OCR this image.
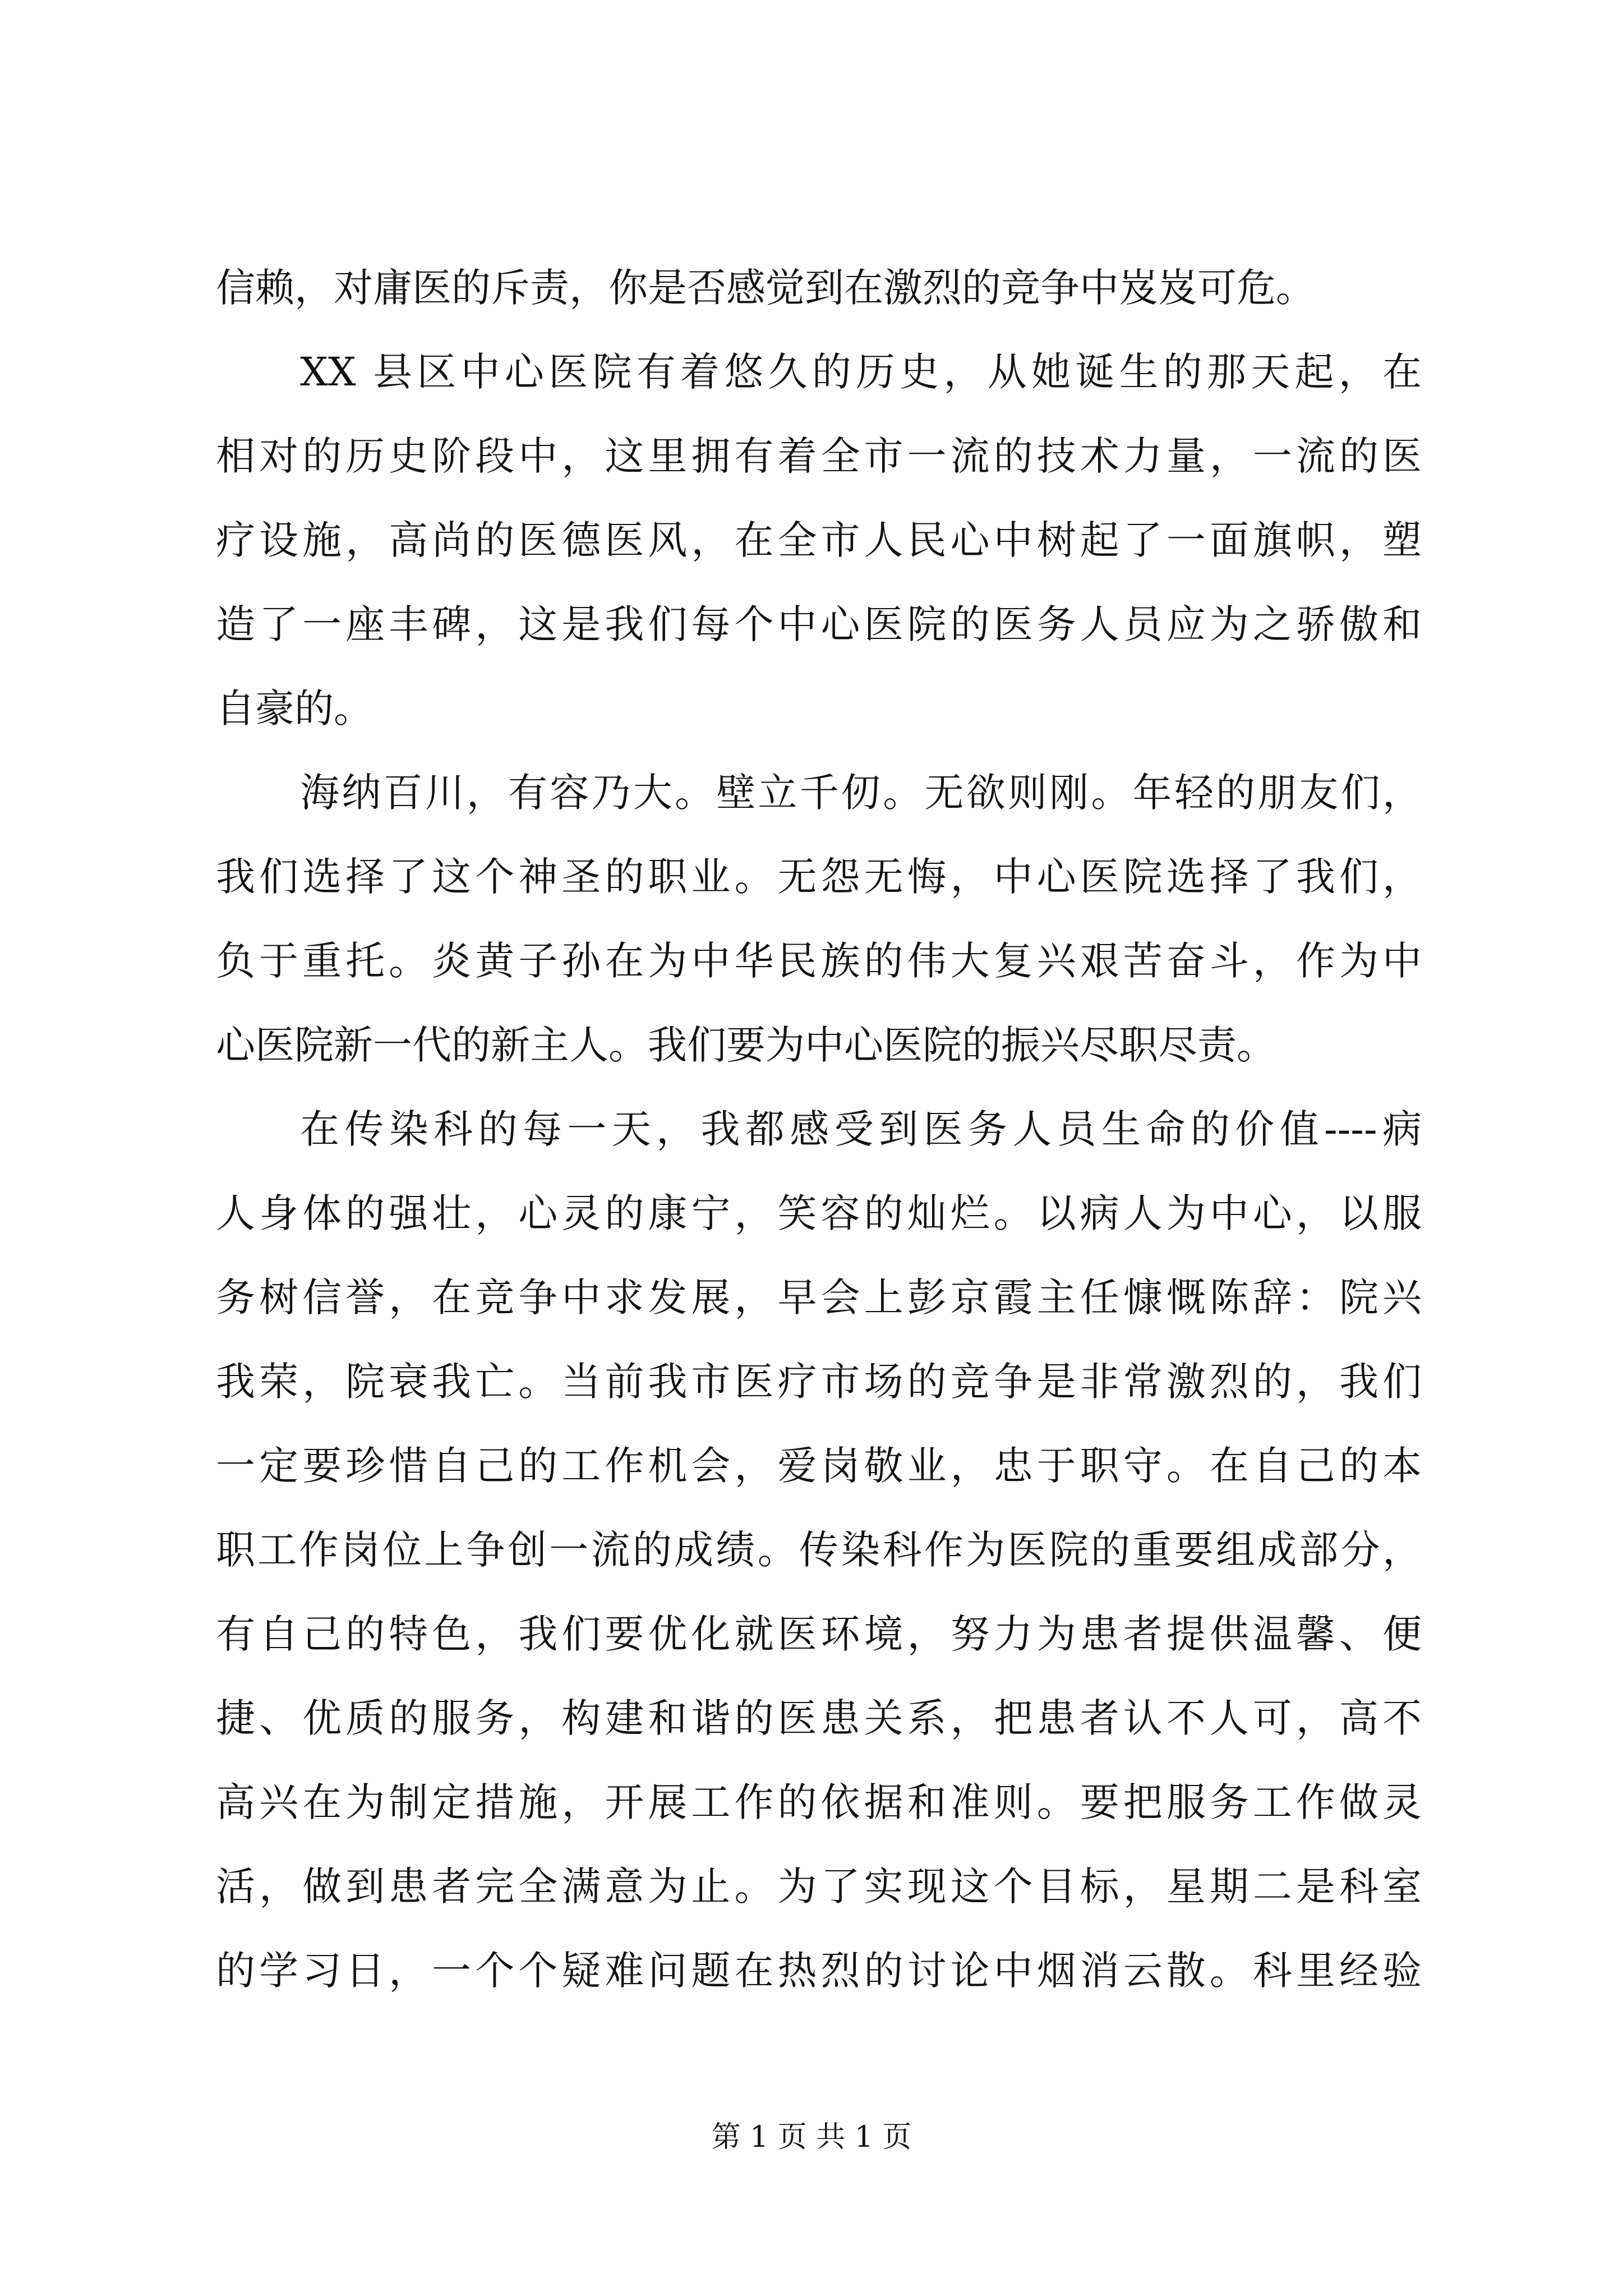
信赖，对庸医的斥责，你是否感觉到在激烈的竞争中岌岌可危。
XX 县区中心医院有着悠久的历史，从她诞生的那天起，在
相对的历史阶段中，这里拥有着全市一流的技术力量，一流的医
疗设施，高尚的医德医风，在全市人民心中树起了一面旗帜，塑
造了一座丰碑，这是我们每个中心医院的医务人员应为之骄傲和
自豪的。
海纳百川，有容乃大。壁立千仞。无欲则刚。年轻的朋友们，
我们选择了这个神圣的职业。无怨无悔，中心医院选择了我们，
负于重托。炎黄子孙在为中华民族的伟大复兴艰苦奋斗，作为中
心医院新一代的新主人。我们要为中心医院的振兴尽职尽责。
在传染科的每一天，我都感受到医务人员生命的价值----病
人身体的强壮，心灵的康宁，笑容的灿烂。以病人为中心，以服
务树信誉，在竞争中求发展，早会上彭京霞主任慷慨陈辞：院兴
我荣，院衰我亡。当前我市医疗市场的竞争是非常激烈的，我们
一定要珍惜自己的工作机会，爱岗敬业，忠于职守。在自己的本
职工作岗位上争创一流的成绩。传染科作为医院的重要组成部分，
有自己的特色，我们要优化就医环境，努力为患者提供温馨、便
捷、优质的服务，构建和谐的医患关系，把患者认不人可，高不
高兴在为制定措施，开展工作的依据和准则。要把服务工作做灵
活，做到患者完全满意为止。为了实现这个目标，星期二是科室
的学习日，一个个疑难问题在热烈的讨论中烟消云散。科里经验
第 1 页 共 1 页
